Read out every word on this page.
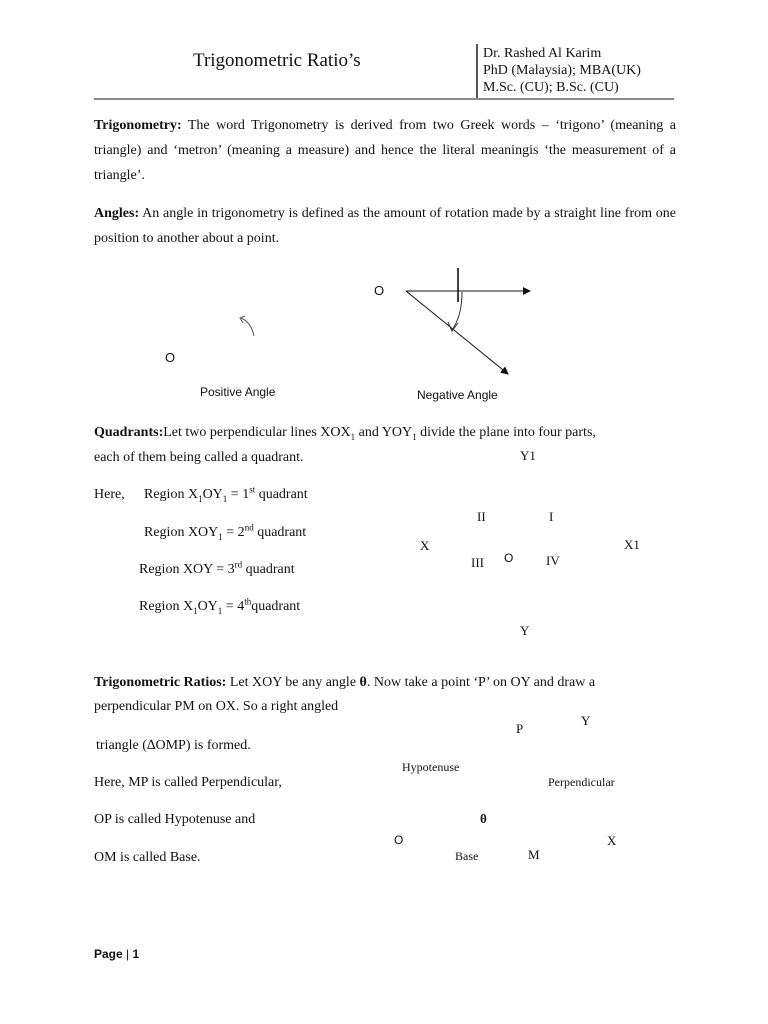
Trigonometric Ratio’s	Dr. Rashed Al Karim
PhD (Malaysia); MBA(UK)
M.Sc. (CU); B.Sc. (CU)
Trigonometry: The word Trigonometry is derived from two Greek words – ‘trigono’ (meaning a triangle) and ‘metron’ (meaning a measure) and hence the literal meaningis ‘the measurement of a triangle’.
Angles: An angle in trigonometry is defined as the amount of rotation made by a straight line from one position to another about a point.
O
O
Positive Angle	Negative Angle
Quadrants:Let two perpendicular lines $XOX_1$ and $YOY_1$ divide the plane into four parts,
each of them being called a quadrant.
Here, Region $X_1OY_1 = 1st$ quadrant
Region $XOY_1 = 2nd$ quadrant
Region XOY = 3rd quadrant
Region $X_1OY_1$ = 4thquadrant
Y1
II	I
X	X1
III O	IV
Y
Trigonometric Ratios: Let XOY be any angle θ. Now take a point ‘P’ on OY and draw a
perpendicular PM on OX. So a right angled
triangle (∆OMP) is formed.
Here, MP is called Perpendicular,
OP is called Hypotenuse and
OM is called Base.
P
Y
Hypotenuse
Perpendicular
θ
O	X
Base	M
Page | 1
